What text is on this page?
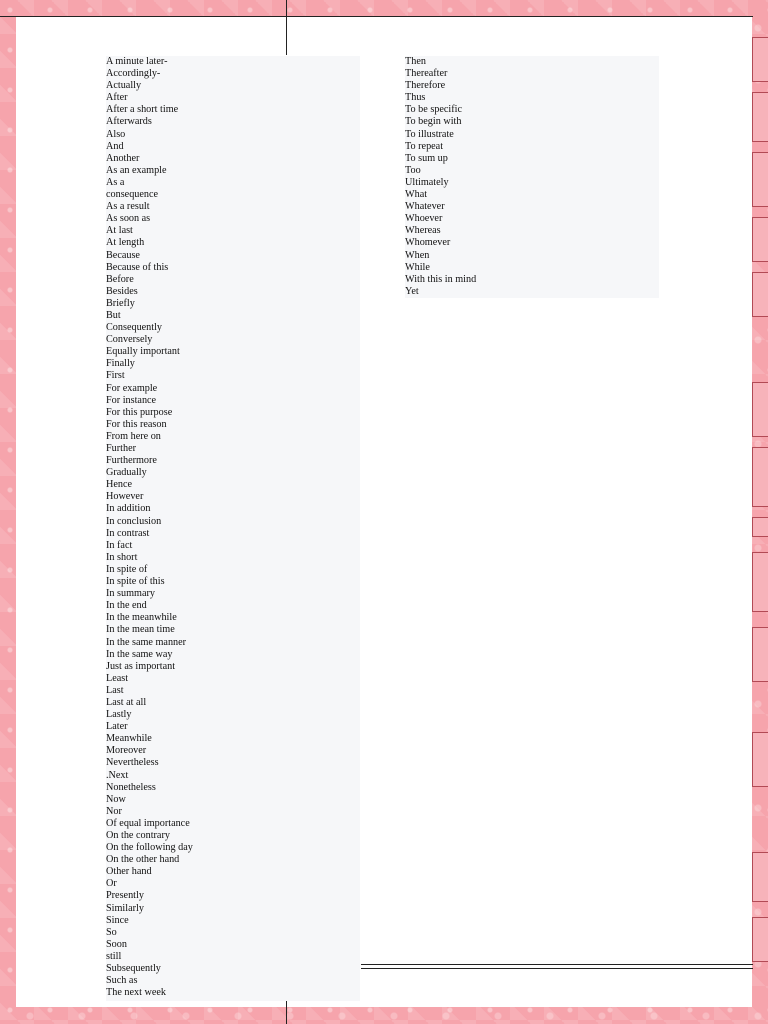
A minute later-
Accordingly-
Actually
After
After a short time
Afterwards
Also
And
Another
As an example
As a
consequence
As a result
As soon as
At last
At length
Because
Because of this
Before
Besides
Briefly
But
Consequently
Conversely
Equally important
Finally
First
For example
For instance
For this purpose
For this reason
From here on
Further
Furthermore
Gradually
Hence
However
In addition
In conclusion
In contrast
In fact
In short
In spite of
In spite of this
In summary
In the end
In the meanwhile
In the mean time
In the same manner
In the same way
Just as important
Least
Last
Last at all
Lastly
Later
Meanwhile
Moreover
Nevertheless
.Next
Nonetheless
Now
Nor
Of equal importance
On the contrary
On the following day
On the other hand
Other hand
Or
Presently
Similarly
Since
So
Soon
still
Subsequently
Such as
The next week
Then
Thereafter
Therefore
Thus
To be specific
To begin with
To illustrate
To repeat
To sum up
Too
Ultimately
What
Whatever
Whoever
Whereas
Whomever
When
While
With this in mind
Yet
